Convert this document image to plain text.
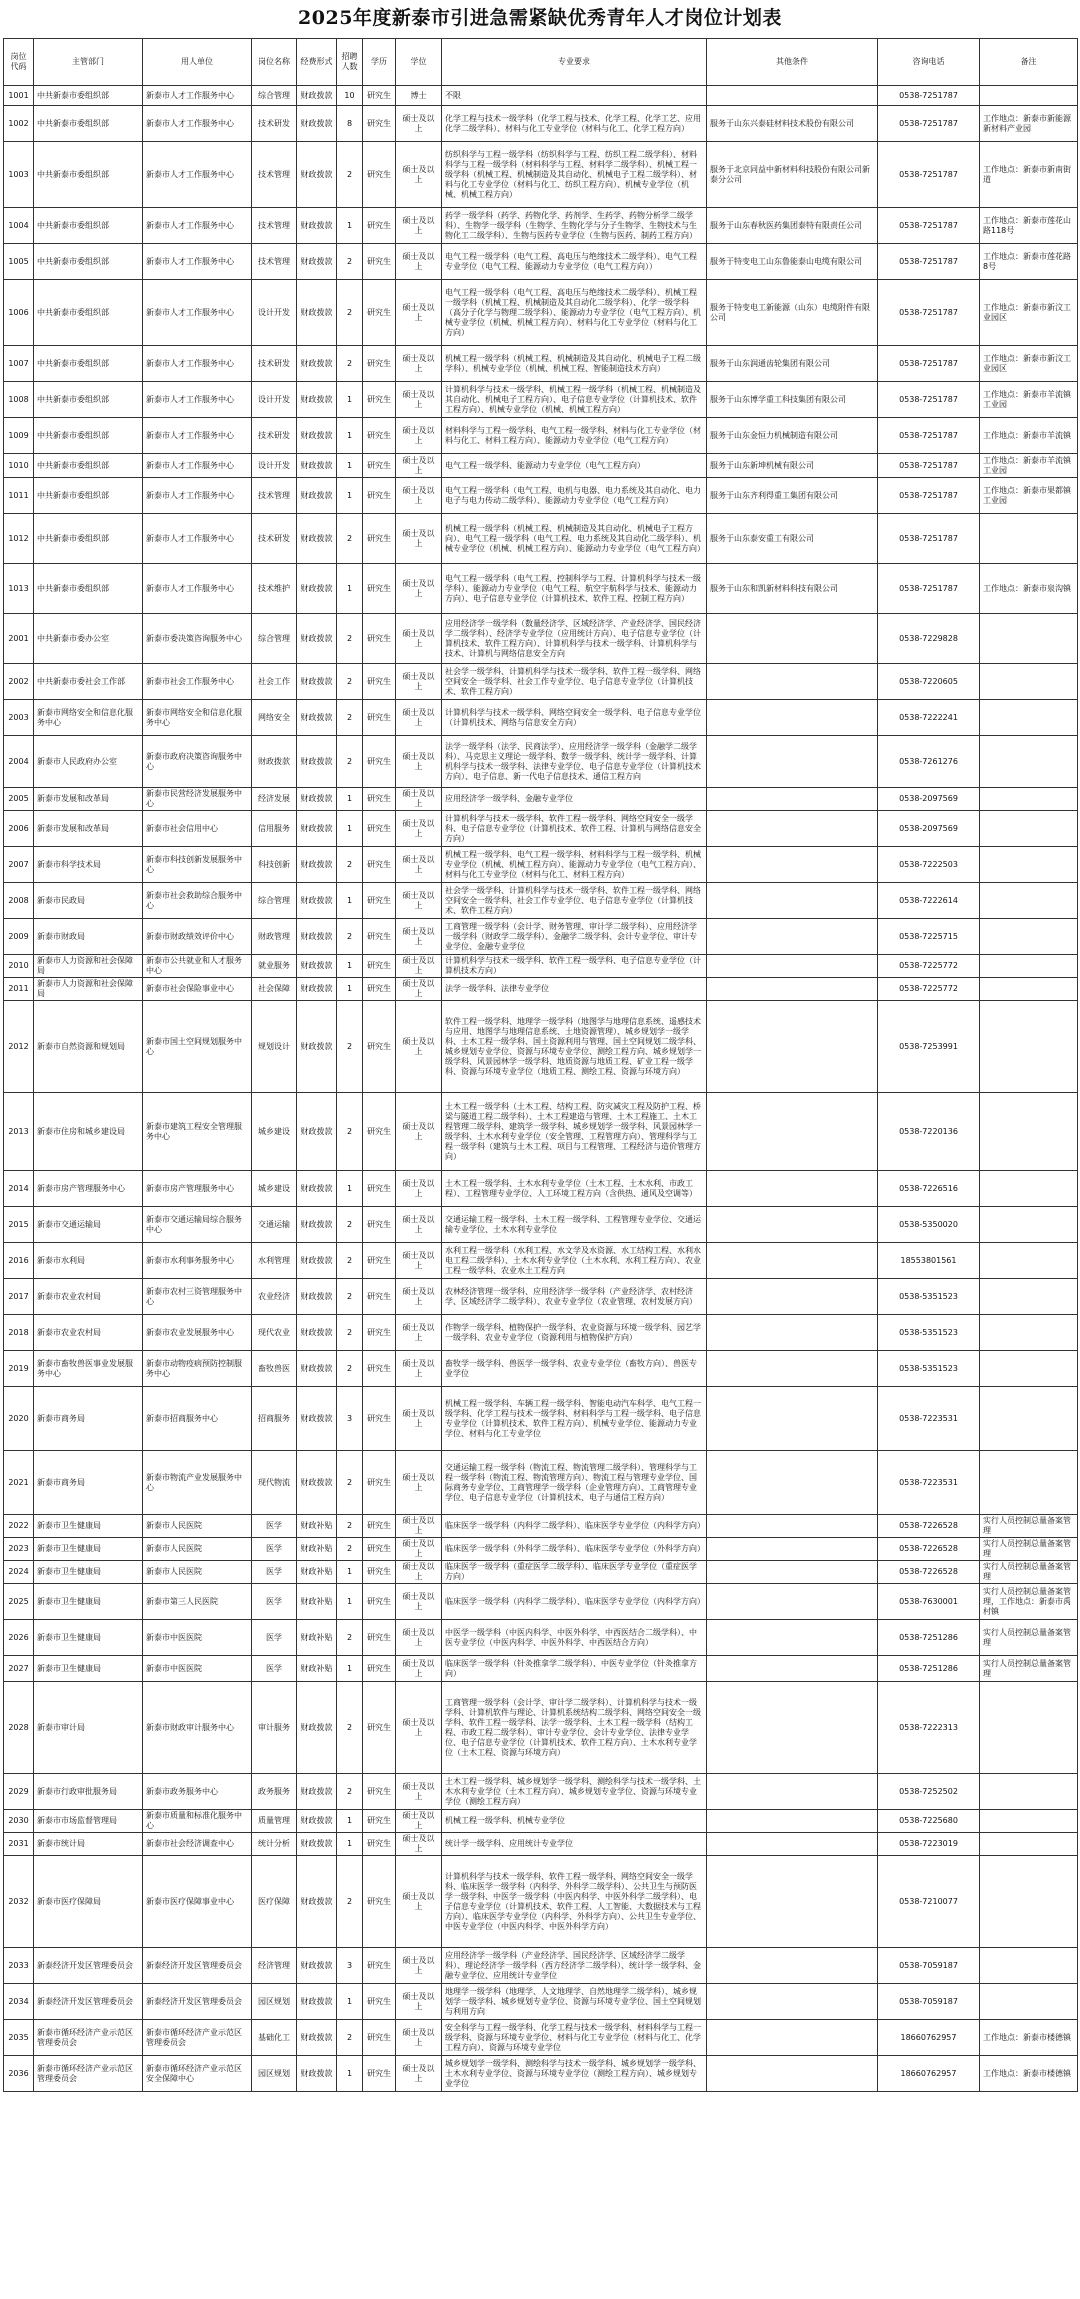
2025年度新泰市引进急需紧缺优秀青年人才岗位计划表
岗位代码	主管部门	用人单位	岗位名称	经费形式	招聘人数	学历	学位	专业要求	其他条件	咨询电话	备注
1001	中共新泰市委组织部	新泰市人才工作服务中心	综合管理	财政拨款	10	研究生	博士	不限		0538-7251787	
1002	中共新泰市委组织部	新泰市人才工作服务中心	技术研发	财政拨款	8	研究生	硕士及以上	化学工程与技术一级学科（化学工程与技术、化学工程、化学工艺、应用化学二级学科）、材料与化工专业学位（材料与化工、化学工程方向）	服务于山东兴泰硅材料技术股份有限公司	0538-7251787	工作地点：新泰市新能源新材料产业园
1003	中共新泰市委组织部	新泰市人才工作服务中心	技术管理	财政拨款	2	研究生	硕士及以上	纺织科学与工程一级学科（纺织科学与工程、纺织工程二级学科）、材料科学与工程一级学科（材料科学与工程、材料学二级学科）、机械工程一级学科（机械工程、机械制造及其自动化、机械电子工程二级学科）、材料与化工专业学位（材料与化工、纺织工程方向）、机械专业学位（机械、机械工程方向）	服务于北京同益中新材料科技股份有限公司新泰分公司	0538-7251787	工作地点：新泰市新南街道
1004	中共新泰市委组织部	新泰市人才工作服务中心	技术管理	财政拨款	1	研究生	硕士及以上	药学一级学科（药学、药物化学、药剂学、生药学、药物分析学二级学科）、生物学一级学科（生物学、生物化学与分子生物学、生物技术与生物化工二级学科）、生物与医药专业学位（生物与医药、制药工程方向）	服务于山东春秋医药集团泰特有限责任公司	0538-7251787	工作地点：新泰市莲花山路118号
1005	中共新泰市委组织部	新泰市人才工作服务中心	技术管理	财政拨款	2	研究生	硕士及以上	电气工程一级学科（电气工程、高电压与绝缘技术二级学科）、电气工程专业学位（电气工程、能源动力专业学位（电气工程方向））	服务于特变电工山东鲁能泰山电缆有限公司	0538-7251787	工作地点：新泰市莲花路8号
1006	中共新泰市委组织部	新泰市人才工作服务中心	设计开发	财政拨款	2	研究生	硕士及以上	电气工程一级学科（电气工程、高电压与绝缘技术二级学科）、机械工程一级学科（机械工程、机械制造及其自动化二级学科）、化学一级学科（高分子化学与物理二级学科）、能源动力专业学位（电气工程方向）、机械专业学位（机械、机械工程方向）、材料与化工专业学位（材料与化工方向）	服务于特变电工新能源（山东）电缆附件有限公司	0538-7251787	工作地点：新泰市新汶工业园区
1007	中共新泰市委组织部	新泰市人才工作服务中心	技术研发	财政拨款	2	研究生	硕士及以上	机械工程一级学科（机械工程、机械制造及其自动化、机械电子工程二级学科）、机械专业学位（机械、机械工程、智能制造技术方向）	服务于山东润通齿轮集团有限公司	0538-7251787	工作地点：新泰市新汶工业园区
1008	中共新泰市委组织部	新泰市人才工作服务中心	设计开发	财政拨款	1	研究生	硕士及以上	计算机科学与技术一级学科、机械工程一级学科（机械工程、机械制造及其自动化、机械电子工程方向）、电子信息专业学位（计算机技术、软件工程方向）、机械专业学位（机械、机械工程方向）	服务于山东博学重工科技集团有限公司	0538-7251787	工作地点：新泰市羊流镇工业园
1009	中共新泰市委组织部	新泰市人才工作服务中心	技术研发	财政拨款	1	研究生	硕士及以上	材料科学与工程一级学科、电气工程一级学科、材料与化工专业学位（材料与化工、材料工程方向）、能源动力专业学位（电气工程方向）	服务于山东金恒力机械制造有限公司	0538-7251787	工作地点：新泰市羊流镇
1010	中共新泰市委组织部	新泰市人才工作服务中心	设计开发	财政拨款	1	研究生	硕士及以上	电气工程一级学科、能源动力专业学位（电气工程方向）	服务于山东新坤机械有限公司	0538-7251787	工作地点：新泰市羊流镇工业园
1011	中共新泰市委组织部	新泰市人才工作服务中心	技术管理	财政拨款	1	研究生	硕士及以上	电气工程一级学科（电气工程、电机与电器、电力系统及其自动化、电力电子与电力传动二级学科）、能源动力专业学位（电气工程方向）	服务于山东齐利得重工集团有限公司	0538-7251787	工作地点：新泰市果都镇工业园
1012	中共新泰市委组织部	新泰市人才工作服务中心	技术研发	财政拨款	2	研究生	硕士及以上	机械工程一级学科（机械工程、机械制造及其自动化、机械电子工程方向）、电气工程一级学科（电气工程、电力系统及其自动化二级学科）、机械专业学位（机械、机械工程方向）、能源动力专业学位（电气工程方向）	服务于山东泰安重工有限公司	0538-7251787	
1013	中共新泰市委组织部	新泰市人才工作服务中心	技术维护	财政拨款	1	研究生	硕士及以上	电气工程一级学科（电气工程、控制科学与工程、计算机科学与技术一级学科）、能源动力专业学位（电气工程、航空宇航科学与技术、能源动力方向）、电子信息专业学位（计算机技术、软件工程、控制工程方向）	服务于山东和凯新材料科技有限公司	0538-7251787	工作地点：新泰市泉沟镇
2001	中共新泰市委办公室	新泰市委决策咨询服务中心	综合管理	财政拨款	2	研究生	硕士及以上	应用经济学一级学科（数量经济学、区域经济学、产业经济学、国民经济学二级学科）、经济学专业学位（应用统计方向）、电子信息专业学位（计算机技术、软件工程方向）、计算机科学与技术一级学科、计算机科学与技术、计算机与网络信息安全方向		0538-7229828	
2002	中共新泰市委社会工作部	新泰市社会工作服务中心	社会工作	财政拨款	2	研究生	硕士及以上	社会学一级学科、计算机科学与技术一级学科、软件工程一级学科、网络空间安全一级学科、社会工作专业学位、电子信息专业学位（计算机技术、软件工程方向）		0538-7220605	
2003	新泰市网络安全和信息化服务中心	新泰市网络安全和信息化服务中心	网络安全	财政拨款	2	研究生	硕士及以上	计算机科学与技术一级学科、网络空间安全一级学科、电子信息专业学位（计算机技术、网络与信息安全方向）		0538-7222241	
2004	新泰市人民政府办公室	新泰市政府决策咨询服务中心	财政拨款	财政拨款	2	研究生	硕士及以上	法学一级学科（法学、民商法学）、应用经济学一级学科（金融学二级学科）、马克思主义理论一级学科、数学一级学科、统计学一级学科、计算机科学与技术一级学科、法律专业学位、电子信息专业学位（计算机技术方向）、电子信息、新一代电子信息技术、通信工程方向		0538-7261276	
2005	新泰市发展和改革局	新泰市民营经济发展服务中心	经济发展	财政拨款	1	研究生	硕士及以上	应用经济学一级学科、金融专业学位		0538-2097569	
2006	新泰市发展和改革局	新泰市社会信用中心	信用服务	财政拨款	1	研究生	硕士及以上	计算机科学与技术一级学科、软件工程一级学科、网络空间安全一级学科、电子信息专业学位（计算机技术、软件工程、计算机与网络信息安全方向）		0538-2097569	
2007	新泰市科学技术局	新泰市科技创新发展服务中心	科技创新	财政拨款	2	研究生	硕士及以上	机械工程一级学科、电气工程一级学科、材料科学与工程一级学科、机械专业学位（机械、机械工程方向）、能源动力专业学位（电气工程方向）、材料与化工专业学位（材料与化工、材料工程方向）		0538-7222503	
2008	新泰市民政局	新泰市社会救助综合服务中心	综合管理	财政拨款	1	研究生	硕士及以上	社会学一级学科、计算机科学与技术一级学科、软件工程一级学科、网络空间安全一级学科、社会工作专业学位、电子信息专业学位（计算机技术、软件工程方向）		0538-7222614	
2009	新泰市财政局	新泰市财政绩效评价中心	财政管理	财政拨款	2	研究生	硕士及以上	工商管理一级学科（会计学、财务管理、审计学二级学科）、应用经济学一级学科（财政学二级学科）、金融学二级学科、会计专业学位、审计专业学位、金融专业学位		0538-7225715	
2010	新泰市人力资源和社会保障局	新泰市公共就业和人才服务中心	就业服务	财政拨款	1	研究生	硕士及以上	计算机科学与技术一级学科、软件工程一级学科、电子信息专业学位（计算机技术方向）		0538-7225772	
2011	新泰市人力资源和社会保障局	新泰市社会保险事业中心	社会保障	财政拨款	1	研究生	硕士及以上	法学一级学科、法律专业学位		0538-7225772	
2012	新泰市自然资源和规划局	新泰市国土空间规划服务中心	规划设计	财政拨款	2	研究生	硕士及以上	软件工程一级学科、地理学一级学科（地图学与地理信息系统、遥感技术与应用、地图学与地理信息系统、土地资源管理）、城乡规划学一级学科、土木工程一级学科、国土资源利用与管理、国土空间规划二级学科、城乡规划专业学位、资源与环境专业学位、测绘工程方向、城乡规划学一级学科、风景园林学一级学科、地质资源与地质工程、矿业工程一级学科、资源与环境专业学位（地质工程、测绘工程、资源与环境方向）		0538-7253991	
2013	新泰市住房和城乡建设局	新泰市建筑工程安全管理服务中心	城乡建设	财政拨款	2	研究生	硕士及以上	土木工程一级学科（土木工程、结构工程、防灾减灾工程及防护工程、桥梁与隧道工程二级学科）、土木工程建造与管理、土木工程施工、土木工程管理二级学科、建筑学一级学科、城乡规划学一级学科、风景园林学一级学科、土木水利专业学位（安全管理、工程管理方向）、管理科学与工程一级学科（建筑与土木工程、项目与工程管理、工程经济与造价管理方向）		0538-7220136	
2014	新泰市房产管理服务中心	新泰市房产管理服务中心	城乡建设	财政拨款	1	研究生	硕士及以上	土木工程一级学科、土木水利专业学位（土木工程、土木水利、市政工程）、工程管理专业学位、人工环境工程方向（含供热、通风及空调等）		0538-7226516	
2015	新泰市交通运输局	新泰市交通运输局综合服务中心	交通运输	财政拨款	2	研究生	硕士及以上	交通运输工程一级学科、土木工程一级学科、工程管理专业学位、交通运输专业学位、土木水利专业学位		0538-5350020	
2016	新泰市水利局	新泰市水利事务服务中心	水利管理	财政拨款	2	研究生	硕士及以上	水利工程一级学科（水利工程、水文学及水资源、水工结构工程、水利水电工程二级学科）、土木水利专业学位（土木水利、水利工程方向）、农业工程一级学科、农业水土工程方向		18553801561	
2017	新泰市农业农村局	新泰市农村三资管理服务中心	农业经济	财政拨款	2	研究生	硕士及以上	农林经济管理一级学科、应用经济学一级学科（产业经济学、农村经济学、区域经济学二级学科）、农业专业学位（农业管理、农村发展方向）		0538-5351523	
2018	新泰市农业农村局	新泰市农业发展服务中心	现代农业	财政拨款	2	研究生	硕士及以上	作物学一级学科、植物保护一级学科、农业资源与环境一级学科、园艺学一级学科、农业专业学位（资源利用与植物保护方向）		0538-5351523	
2019	新泰市畜牧兽医事业发展服务中心	新泰市动物疫病预防控制服务中心	畜牧兽医	财政拨款	2	研究生	硕士及以上	畜牧学一级学科、兽医学一级学科、农业专业学位（畜牧方向）、兽医专业学位		0538-5351523	
2020	新泰市商务局	新泰市招商服务中心	招商服务	财政拨款	3	研究生	硕士及以上	机械工程一级学科、车辆工程一级学科、智能电动汽车科学、电气工程一级学科、化学工程与技术一级学科、材料科学与工程一级学科、电子信息专业学位（计算机技术、软件工程方向）、机械专业学位、能源动力专业学位、材料与化工专业学位		0538-7223531	
2021	新泰市商务局	新泰市物流产业发展服务中心	现代物流	财政拨款	2	研究生	硕士及以上	交通运输工程一级学科（物流工程、物流管理二级学科）、管理科学与工程一级学科（物流工程、物流管理方向）、物流工程与管理专业学位、国际商务专业学位、工商管理学一级学科（企业管理方向）、工商管理专业学位、电子信息专业学位（计算机技术、电子与通信工程方向）		0538-7223531	
2022	新泰市卫生健康局	新泰市人民医院	医学	财政补贴	2	研究生	硕士及以上	临床医学一级学科（内科学二级学科）、临床医学专业学位（内科学方向）		0538-7226528	实行人员控制总量备案管理
2023	新泰市卫生健康局	新泰市人民医院	医学	财政补贴	2	研究生	硕士及以上	临床医学一级学科（外科学二级学科）、临床医学专业学位（外科学方向）		0538-7226528	实行人员控制总量备案管理
2024	新泰市卫生健康局	新泰市人民医院	医学	财政补贴	1	研究生	硕士及以上	临床医学一级学科（重症医学二级学科）、临床医学专业学位（重症医学方向）		0538-7226528	实行人员控制总量备案管理
2025	新泰市卫生健康局	新泰市第三人民医院	医学	财政补贴	1	研究生	硕士及以上	临床医学一级学科（内科学二级学科）、临床医学专业学位（内科学方向）		0538-7630001	实行人员控制总量备案管理，工作地点：新泰市禹村镇
2026	新泰市卫生健康局	新泰市中医医院	医学	财政补贴	2	研究生	硕士及以上	中医学一级学科（中医内科学、中医外科学、中西医结合二级学科）、中医专业学位（中医内科学、中医外科学、中西医结合方向）		0538-7251286	实行人员控制总量备案管理
2027	新泰市卫生健康局	新泰市中医医院	医学	财政补贴	1	研究生	硕士及以上	临床医学一级学科（针灸推拿学二级学科）、中医专业学位（针灸推拿方向）		0538-7251286	实行人员控制总量备案管理
2028	新泰市审计局	新泰市财政审计服务中心	审计服务	财政拨款	2	研究生	硕士及以上	工商管理一级学科（会计学、审计学二级学科）、计算机科学与技术一级学科、计算机软件与理论、计算机系统结构二级学科、网络空间安全一级学科、软件工程一级学科、法学一级学科、土木工程一级学科（结构工程、市政工程二级学科）、审计专业学位、会计专业学位、法律专业学位、电子信息专业学位（计算机技术、软件工程方向）、土木水利专业学位（土木工程、资源与环境方向）		0538-7222313	
2029	新泰市行政审批服务局	新泰市政务服务中心	政务服务	财政拨款	2	研究生	硕士及以上	土木工程一级学科、城乡规划学一级学科、测绘科学与技术一级学科、土木水利专业学位（土木工程方向）、城乡规划专业学位、资源与环境专业学位（测绘工程方向）		0538-7252502	
2030	新泰市市场监督管理局	新泰市质量和标准化服务中心	质量管理	财政拨款	1	研究生	硕士及以上	机械工程一级学科、机械专业学位		0538-7225680	
2031	新泰市统计局	新泰市社会经济调查中心	统计分析	财政拨款	1	研究生	硕士及以上	统计学一级学科、应用统计专业学位		0538-7223019	
2032	新泰市医疗保障局	新泰市医疗保障事业中心	医疗保障	财政拨款	2	研究生	硕士及以上	计算机科学与技术一级学科、软件工程一级学科、网络空间安全一级学科、临床医学一级学科（内科学、外科学二级学科）、公共卫生与预防医学一级学科、中医学一级学科（中医内科学、中医外科学二级学科）、电子信息专业学位（计算机技术、软件工程、人工智能、大数据技术与工程方向）、临床医学专业学位（内科学、外科学方向）、公共卫生专业学位、中医专业学位（中医内科学、中医外科学方向）		0538-7210077	
2033	新泰经济开发区管理委员会	新泰经济开发区管理委员会	经济管理	财政拨款	3	研究生	硕士及以上	应用经济学一级学科（产业经济学、国民经济学、区域经济学二级学科）、理论经济学一级学科（西方经济学二级学科）、统计学一级学科、金融专业学位、应用统计专业学位		0538-7059187	
2034	新泰经济开发区管理委员会	新泰经济开发区管理委员会	园区规划	财政拨款	1	研究生	硕士及以上	地理学一级学科（地理学、人文地理学、自然地理学二级学科）、城乡规划学一级学科、城乡规划专业学位、资源与环境专业学位、国土空间规划与利用方向		0538-7059187	
2035	新泰市循环经济产业示范区管理委员会	新泰市循环经济产业示范区管理委员会	基础化工	财政拨款	2	研究生	硕士及以上	安全科学与工程一级学科、化学工程与技术一级学科、材料科学与工程一级学科、资源与环境专业学位、材料与化工专业学位（材料与化工、化学工程方向）、资源与环境专业学位		18660762957	工作地点：新泰市楼德镇
2036	新泰市循环经济产业示范区管理委员会	新泰市循环经济产业示范区安全保障中心	园区规划	财政拨款	1	研究生	硕士及以上	城乡规划学一级学科、测绘科学与技术一级学科、城乡规划学一级学科、土木水利专业学位、资源与环境专业学位（测绘工程方向）、城乡规划专业学位		18660762957	工作地点：新泰市楼德镇
